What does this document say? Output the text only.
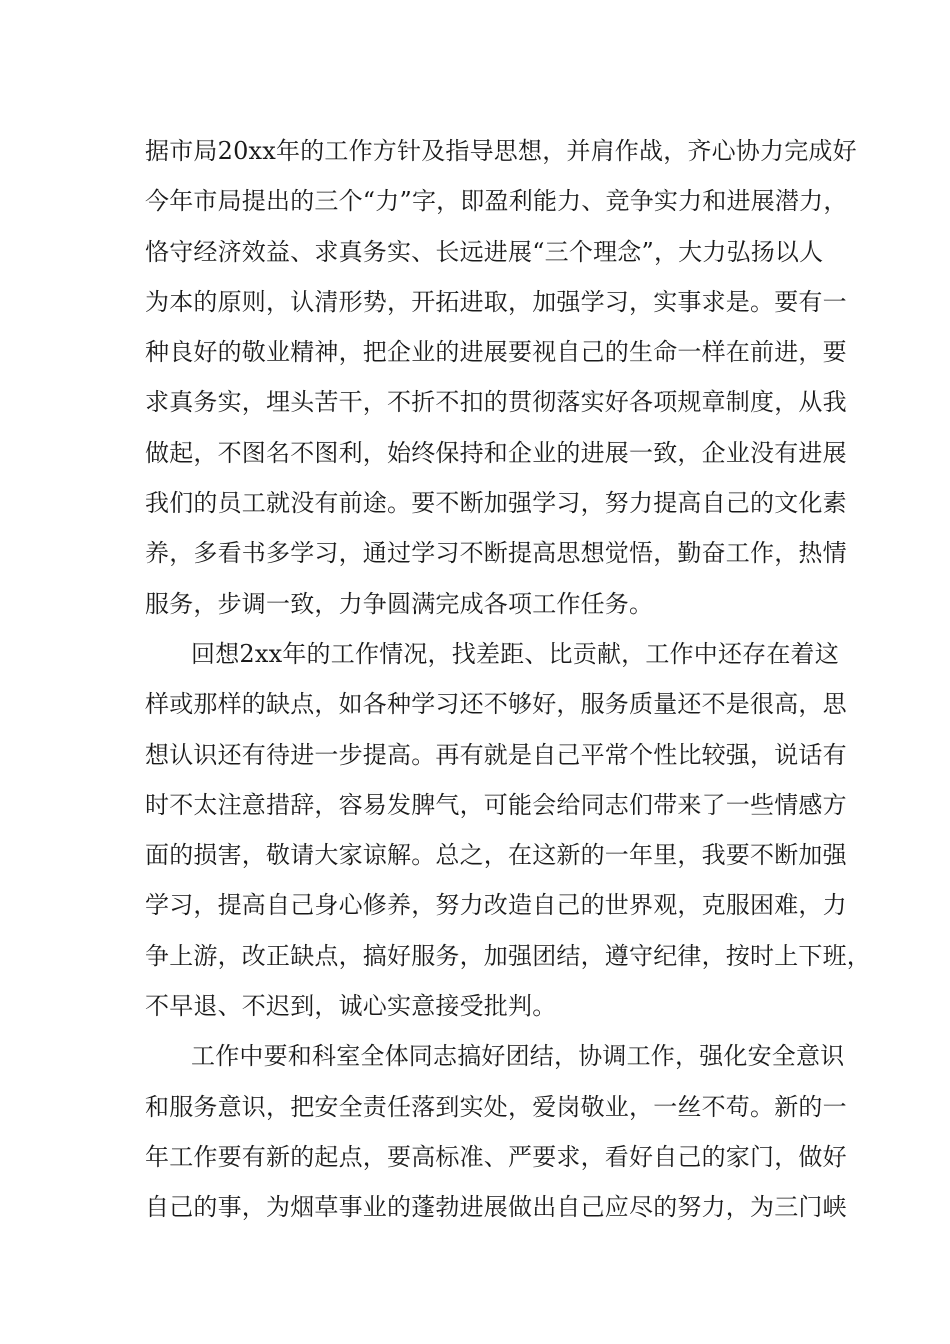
据市局20xx年的工作方针及指导思想，并肩作战，齐心协力完成好
今年市局提出的三个“力”字，即盈利能力、竞争实力和进展潜力，
恪守经济效益、求真务实、长远进展“三个理念”，大力弘扬以人
为本的原则，认清形势，开拓进取，加强学习，实事求是。要有一
种良好的敬业精神，把企业的进展要视自己的生命一样在前进，要
求真务实，埋头苦干，不折不扣的贯彻落实好各项规章制度，从我
做起，不图名不图利，始终保持和企业的进展一致，企业没有进展
我们的员工就没有前途。要不断加强学习，努力提高自己的文化素
养，多看书多学习，通过学习不断提高思想觉悟，勤奋工作，热情
服务，步调一致，力争圆满完成各项工作任务。
回想2xx年的工作情况，找差距、比贡献，工作中还存在着这
样或那样的缺点，如各种学习还不够好，服务质量还不是很高，思
想认识还有待进一步提高。再有就是自己平常个性比较强，说话有
时不太注意措辞，容易发脾气，可能会给同志们带来了一些情感方
面的损害，敬请大家谅解。总之，在这新的一年里，我要不断加强
学习，提高自己身心修养，努力改造自己的世界观，克服困难，力
争上游，改正缺点，搞好服务，加强团结，遵守纪律，按时上下班，
不早退、不迟到，诚心实意接受批判。
工作中要和科室全体同志搞好团结，协调工作，强化安全意识
和服务意识，把安全责任落到实处，爱岗敬业，一丝不苟。新的一
年工作要有新的起点，要高标准、严要求，看好自己的家门，做好
自己的事，为烟草事业的蓬勃进展做出自己应尽的努力，为三门峡
